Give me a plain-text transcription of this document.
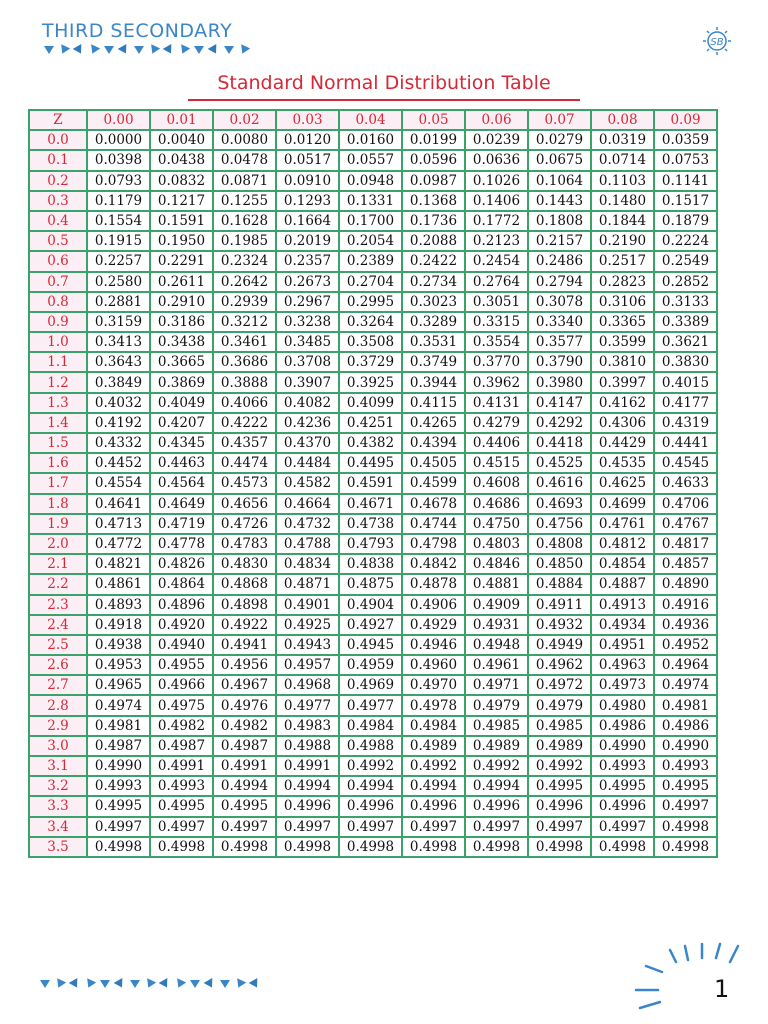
THIRD SECONDARY
SB
Standard Normal Distribution Table
Z	0.00	0.01	0.02	0.03	0.04	0.05	0.06	0.07	0.08	0.09
0.0	0.0000	0.0040	0.0080	0.0120	0.0160	0.0199	0.0239	0.0279	0.0319	0.0359
0.1	0.0398	0.0438	0.0478	0.0517	0.0557	0.0596	0.0636	0.0675	0.0714	0.0753
0.2	0.0793	0.0832	0.0871	0.0910	0.0948	0.0987	0.1026	0.1064	0.1103	0.1141
0.3	0.1179	0.1217	0.1255	0.1293	0.1331	0.1368	0.1406	0.1443	0.1480	0.1517
0.4	0.1554	0.1591	0.1628	0.1664	0.1700	0.1736	0.1772	0.1808	0.1844	0.1879
0.5	0.1915	0.1950	0.1985	0.2019	0.2054	0.2088	0.2123	0.2157	0.2190	0.2224
0.6	0.2257	0.2291	0.2324	0.2357	0.2389	0.2422	0.2454	0.2486	0.2517	0.2549
0.7	0.2580	0.2611	0.2642	0.2673	0.2704	0.2734	0.2764	0.2794	0.2823	0.2852
0.8	0.2881	0.2910	0.2939	0.2967	0.2995	0.3023	0.3051	0.3078	0.3106	0.3133
0.9	0.3159	0.3186	0.3212	0.3238	0.3264	0.3289	0.3315	0.3340	0.3365	0.3389
1.0	0.3413	0.3438	0.3461	0.3485	0.3508	0.3531	0.3554	0.3577	0.3599	0.3621
1.1	0.3643	0.3665	0.3686	0.3708	0.3729	0.3749	0.3770	0.3790	0.3810	0.3830
1.2	0.3849	0.3869	0.3888	0.3907	0.3925	0.3944	0.3962	0.3980	0.3997	0.4015
1.3	0.4032	0.4049	0.4066	0.4082	0.4099	0.4115	0.4131	0.4147	0.4162	0.4177
1.4	0.4192	0.4207	0.4222	0.4236	0.4251	0.4265	0.4279	0.4292	0.4306	0.4319
1.5	0.4332	0.4345	0.4357	0.4370	0.4382	0.4394	0.4406	0.4418	0.4429	0.4441
1.6	0.4452	0.4463	0.4474	0.4484	0.4495	0.4505	0.4515	0.4525	0.4535	0.4545
1.7	0.4554	0.4564	0.4573	0.4582	0.4591	0.4599	0.4608	0.4616	0.4625	0.4633
1.8	0.4641	0.4649	0.4656	0.4664	0.4671	0.4678	0.4686	0.4693	0.4699	0.4706
1.9	0.4713	0.4719	0.4726	0.4732	0.4738	0.4744	0.4750	0.4756	0.4761	0.4767
2.0	0.4772	0.4778	0.4783	0.4788	0.4793	0.4798	0.4803	0.4808	0.4812	0.4817
2.1	0.4821	0.4826	0.4830	0.4834	0.4838	0.4842	0.4846	0.4850	0.4854	0.4857
2.2	0.4861	0.4864	0.4868	0.4871	0.4875	0.4878	0.4881	0.4884	0.4887	0.4890
2.3	0.4893	0.4896	0.4898	0.4901	0.4904	0.4906	0.4909	0.4911	0.4913	0.4916
2.4	0.4918	0.4920	0.4922	0.4925	0.4927	0.4929	0.4931	0.4932	0.4934	0.4936
2.5	0.4938	0.4940	0.4941	0.4943	0.4945	0.4946	0.4948	0.4949	0.4951	0.4952
2.6	0.4953	0.4955	0.4956	0.4957	0.4959	0.4960	0.4961	0.4962	0.4963	0.4964
2.7	0.4965	0.4966	0.4967	0.4968	0.4969	0.4970	0.4971	0.4972	0.4973	0.4974
2.8	0.4974	0.4975	0.4976	0.4977	0.4977	0.4978	0.4979	0.4979	0.4980	0.4981
2.9	0.4981	0.4982	0.4982	0.4983	0.4984	0.4984	0.4985	0.4985	0.4986	0.4986
3.0	0.4987	0.4987	0.4987	0.4988	0.4988	0.4989	0.4989	0.4989	0.4990	0.4990
3.1	0.4990	0.4991	0.4991	0.4991	0.4992	0.4992	0.4992	0.4992	0.4993	0.4993
3.2	0.4993	0.4993	0.4994	0.4994	0.4994	0.4994	0.4994	0.4995	0.4995	0.4995
3.3	0.4995	0.4995	0.4995	0.4996	0.4996	0.4996	0.4996	0.4996	0.4996	0.4997
3.4	0.4997	0.4997	0.4997	0.4997	0.4997	0.4997	0.4997	0.4997	0.4997	0.4998
3.5	0.4998	0.4998	0.4998	0.4998	0.4998	0.4998	0.4998	0.4998	0.4998	0.4998
1
